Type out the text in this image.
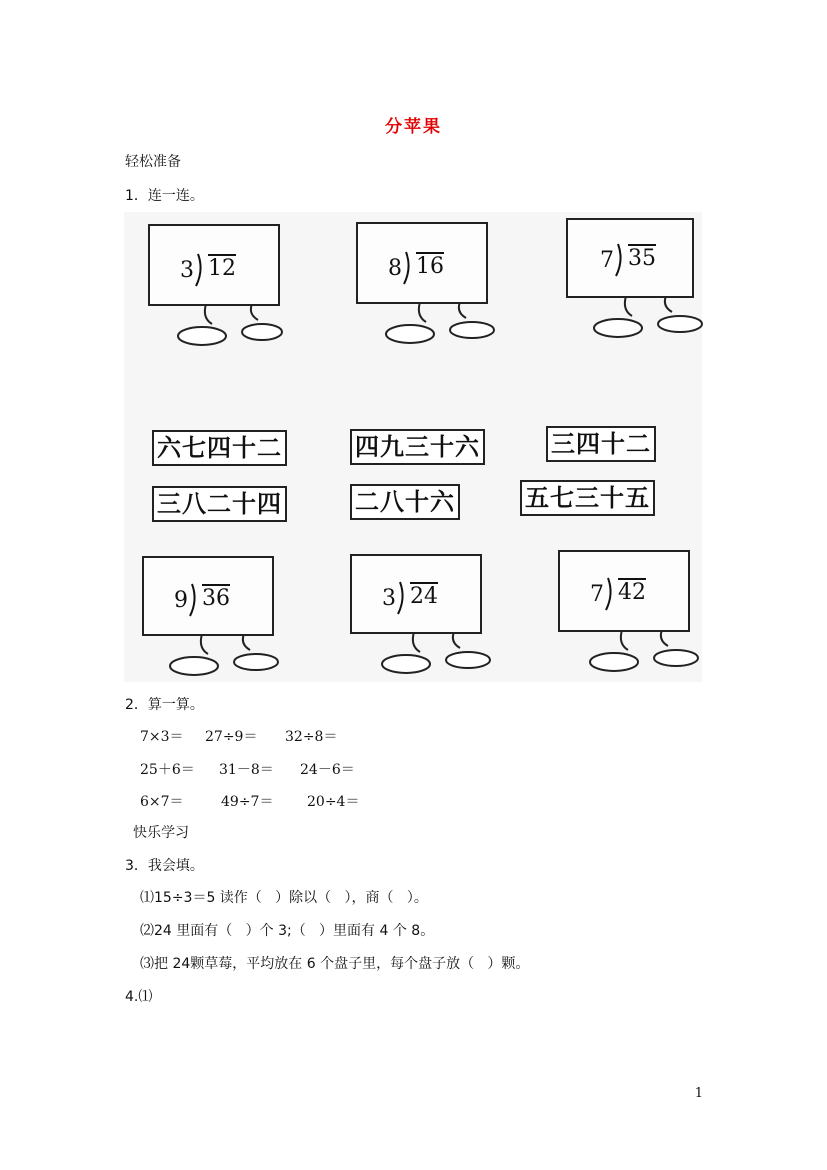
分苹果
轻松准备
1．连一连。
3 12	8 16	7 35
六七四十二	四九三十六	三四十二
三八二十四	二八十六	五七三十五
9 36	3 24	7 42
2．算一算。
7×3＝ 27÷9＝ 32÷8＝
25＋6＝ 31－8＝ 24－6＝
6×7＝	49÷7＝ 20÷4＝
快乐学习
3．我会填。
⑴15÷3＝5 读作（   ）除以（   ），商（   ）。
⑵24 里面有（   ）个 3;（   ）里面有 4 个 8。
⑶把 24颗草莓，平均放在 6 个盘子里，每个盘子放（   ）颗。
4.⑴
1
